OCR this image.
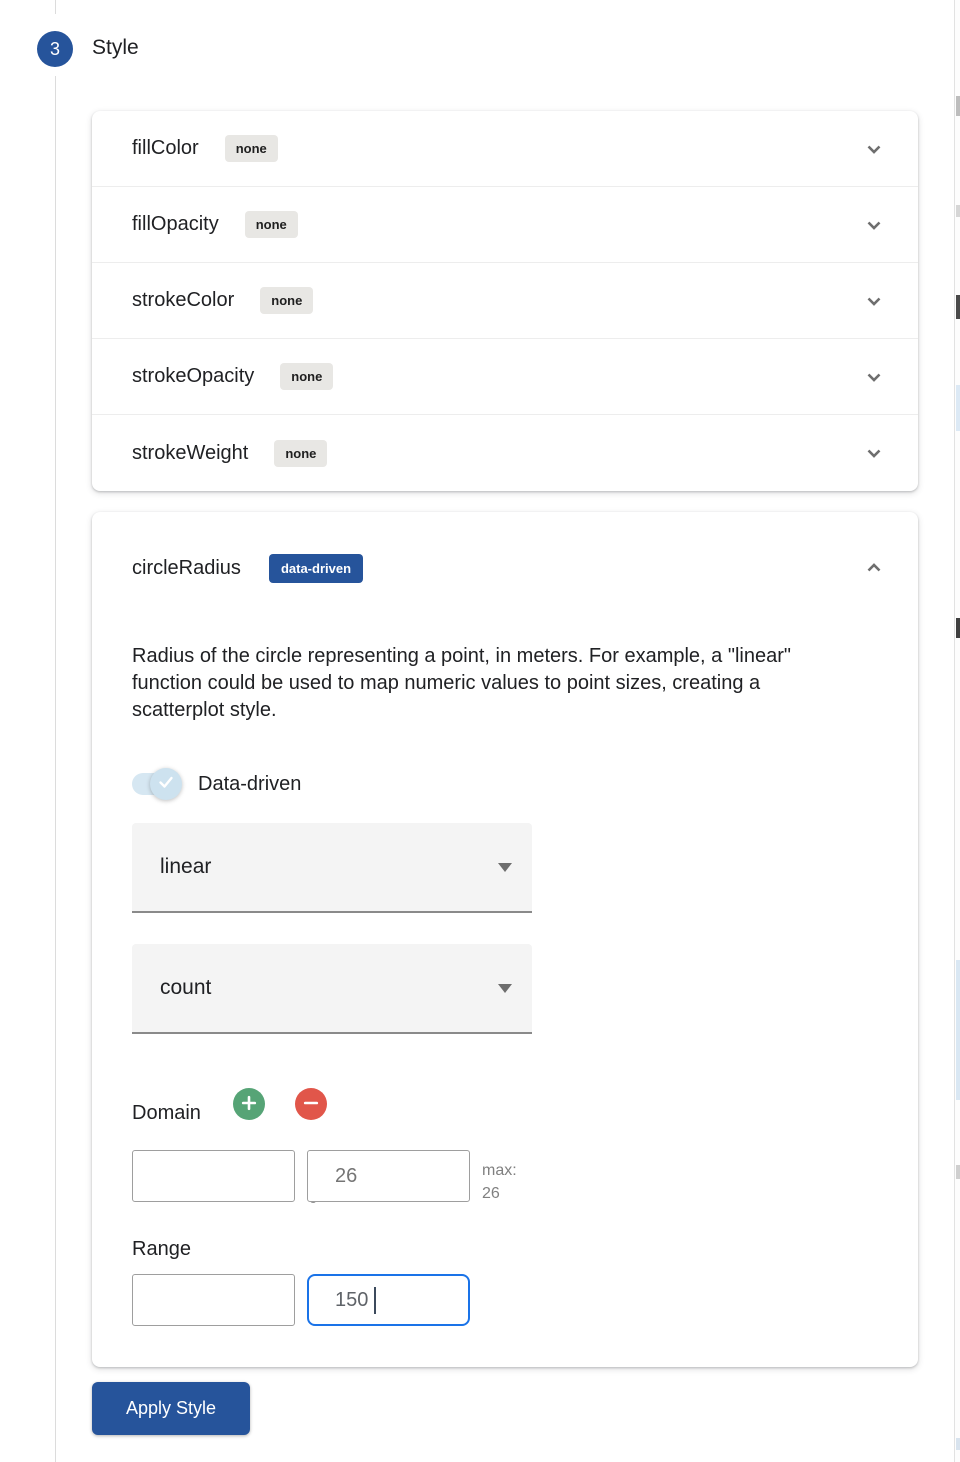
3 Style
fillColor	none
fillOpacity	none
strokeColor	none
strokeOpacity	none
strokeWeight	none
circleRadius	data-driven

Radius of the circle representing a point, in meters. For example, a "linear" function could be used to map numeric values to point sizes, creating a scatterplot style.

Data-driven
linear
count
Domain
26
max:
26
Range
150
Apply Style
